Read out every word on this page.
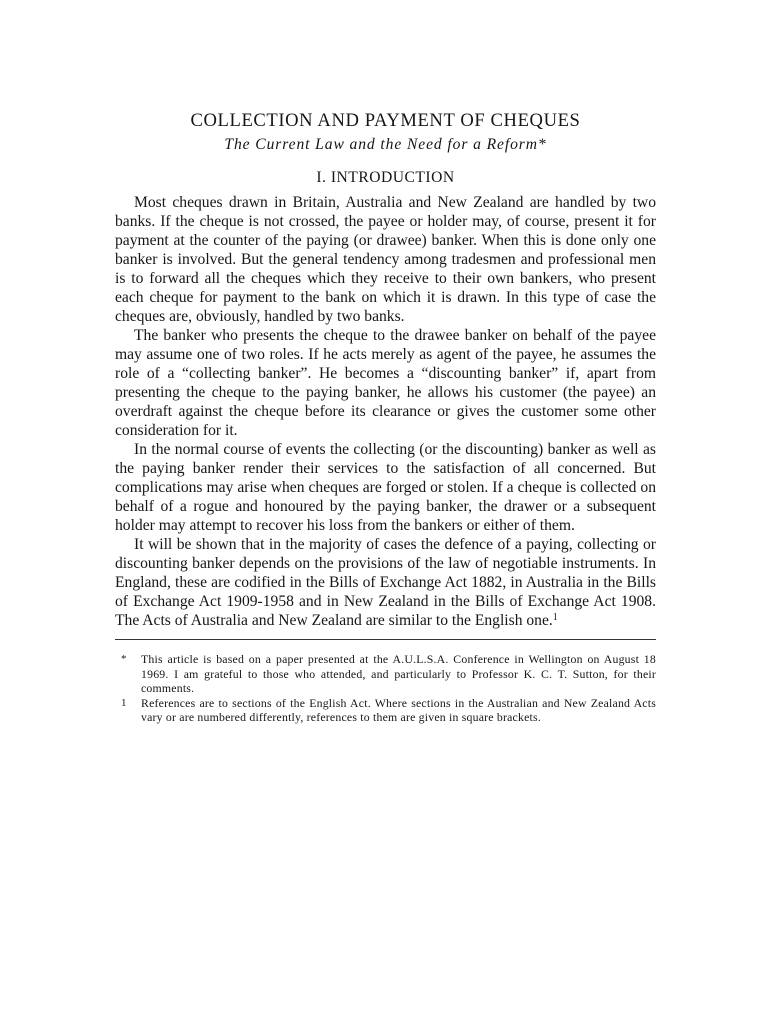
COLLECTION AND PAYMENT OF CHEQUES
The Current Law and the Need for a Reform*
I. INTRODUCTION

Most cheques drawn in Britain, Australia and New Zealand are handled by two banks. If the cheque is not crossed, the payee or holder may, of course, present it for payment at the counter of the paying (or drawee) banker. When this is done only one banker is involved. But the general tendency among tradesmen and professional men is to forward all the cheques which they receive to their own bankers, who present each cheque for payment to the bank on which it is drawn. In this type of case the cheques are, obviously, handled by two banks.

The banker who presents the cheque to the drawee banker on behalf of the payee may assume one of two roles. If he acts merely as agent of the payee, he assumes the role of a “collecting banker”. He becomes a “discounting banker” if, apart from presenting the cheque to the paying banker, he allows his customer (the payee) an overdraft against the cheque before its clearance or gives the customer some other consideration for it.

In the normal course of events the collecting (or the discounting) banker as well as the paying banker render their services to the satisfaction of all concerned. But complications may arise when cheques are forged or stolen. If a cheque is collected on behalf of a rogue and honoured by the paying banker, the drawer or a subsequent holder may attempt to recover his loss from the bankers or either of them.

It will be shown that in the majority of cases the defence of a paying, collecting or discounting banker depends on the provisions of the law of negotiable instruments. In England, these are codified in the Bills of Exchange Act 1882, in Australia in the Bills of Exchange Act 1909-1958 and in New Zealand in the Bills of Exchange Act 1908. The Acts of Australia and New Zealand are similar to the English one.$^1$

* This article is based on a paper presented at the A.U.L.S.A. Conference in Wellington on August 18 1969. I am grateful to those who attended, and particularly to Professor K. C. T. Sutton, for their comments.

1 References are to sections of the English Act. Where sections in the Australian and New Zealand Acts vary or are numbered differently, references to them are given in square brackets.
